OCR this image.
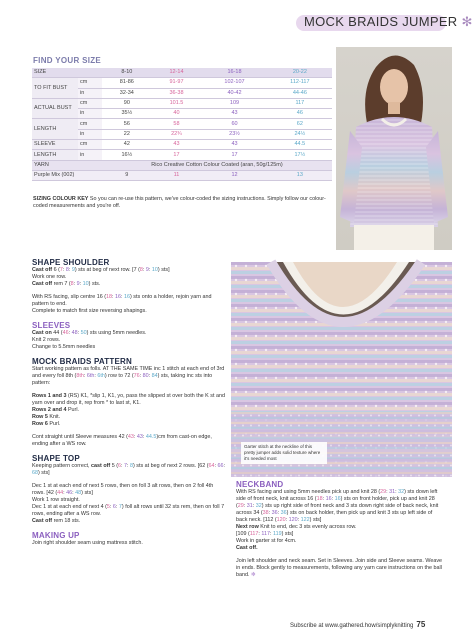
MOCK BRAIDS JUMPER ✻
FIND YOUR SIZE
SIZE		8-10	12-14	16-18	20-22
TO FIT BUST	cm	81-86	91-97	102-107	112-117
	in	32-34	36-38	40-42	44-46
ACTUAL BUST	cm	90	101.5	109	117
	in	35½	40	43	46
LENGTH	cm	56	58	60	62
	in	22	22¾	23½	24½
SLEEVE	cm	42	43	43	44.5
LENGTH	in	16½	17	17	17½
YARN		Rico Creative Cotton Colour Coated (aran, 50g/125m)			
Purple Mix (002)		9	11	12	13
SIZING COLOUR KEY So you can re-use this pattern, we've colour-coded the sizing instructions. Simply follow our colour-coded measurements and you're off.
Garter stitch at the neckline of this pretty jumper adds solid texture where it's needed most
SHAPE SHOULDER
Cast off 6 (7: 8: 9) sts at beg of next row. [7 (8: 9: 10) sts]
Work one row.
Cast off rem 7 (8: 9: 10) sts.
With RS facing, slip centre 16 (18: 16: 16) sts onto a holder, rejoin yarn and pattern to end.
Complete to match first size reversing shapings.
SLEEVES
Cast on 44 (46: 48: 50) sts using 5mm needles.
Knit 2 rows.
Change to 5.5mm needles
MOCK BRAIDS PATTERN
Start working pattern as folls. AT THE SAME TIME inc 1 stitch at each end of 3rd and every foll 8th (8th: 6th: 6th) row to 72 (76: 80: 84) sts, taking inc sts into pattern:
Rows 1 and 3 (RS) K1, *slip 1, K1, yo, pass the slipped st over both the K st and yarn over and drop it, rep from * to last st, K1.
Rows 2 and 4 Purl.
Row 5 Knit.
Row 6 Purl.
Cont straight until Sleeve measures 42 (43: 43: 44.5)cm from cast-on edge, ending after a WS row.
SHAPE TOP
Keeping pattern correct, cast off 5 (6: 7: 8) sts at beg of next 2 rows. [62 (64: 66: 68) sts]
Dec 1 st at each end of next 5 rows, then on foll 3 alt rows, then on 2 foll 4th rows. [42 (44: 46: 48) sts]
Work 1 row straight.
Dec 1 st at each end of next 4 (5: 6: 7) foll alt rows until 32 sts rem, then on foll 7 rows, ending after a WS row.
Cast off rem 18 sts.
MAKING UP
Join right shoulder seam using mattress stitch.
NECKBAND
With RS facing and using 5mm needles pick up and knit 28 (29: 31: 32) sts down left side of front neck, knit across 16 (18: 16: 16) sts on front holder, pick up and knit 28 (29: 31: 32) sts up right side of front neck and 3 sts down right side of back neck, knit across 34 (38: 36: 36) sts on back holder, then pick up and knit 3 sts up left side of back neck. [112 (120: 120: 122) sts]
Next row Knit to end, dec 3 sts evenly across row.
[109 (117: 117: 119) sts]
Work in garter st for 4cm.
Cast off.
Join left shoulder and neck seam. Set in Sleeves. Join side and Sleeve seams. Weave in ends. Block gently to measurements, following any yarn care instructions on the ball band. ✻
Subscribe at www.gathered.how/simplyknitting 75
